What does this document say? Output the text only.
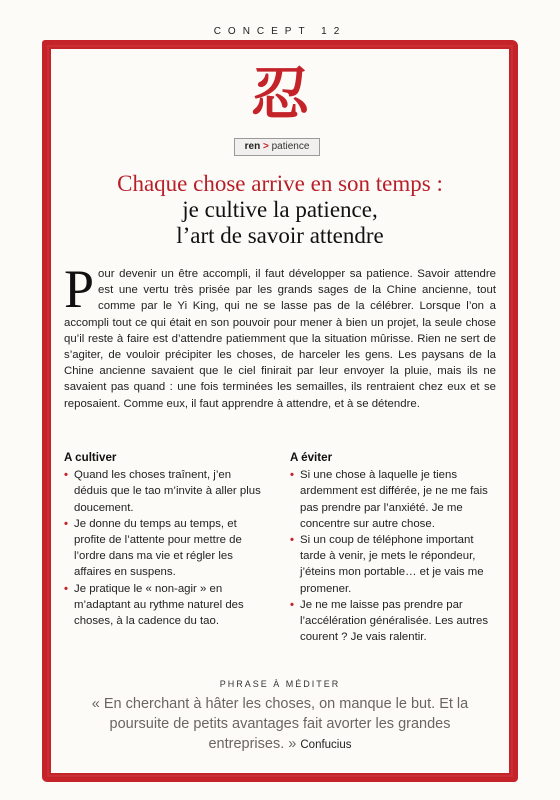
CONCEPT 12
忍
ren > patience
Chaque chose arrive en son temps :
je cultive la patience,
l’art de savoir attendre
P our devenir un être accompli, il faut développer sa patience. Savoir attendre est une vertu très prisée par les grands sages de la Chine ancienne, tout comme par le Yi King, qui ne se lasse pas de la célébrer. Lorsque l’on a accompli tout ce qui était en son pouvoir pour mener à bien un projet, la seule chose qu’il reste à faire est d’attendre patiemment que la situation mûrisse. Rien ne sert de s’agiter, de vouloir précipiter les choses, de harceler les gens. Les paysans de la Chine ancienne savaient que le ciel finirait par leur envoyer la pluie, mais ils ne savaient pas quand : une fois terminées les semailles, ils rentraient chez eux et se reposaient. Comme eux, il faut apprendre à attendre, et à se détendre.
A cultiver
• Quand les choses traînent, j’en déduis que le tao m’invite à aller plus doucement.
• Je donne du temps au temps, et profite de l’attente pour mettre de l’ordre dans ma vie et régler les affaires en suspens.
• Je pratique le « non-agir » en m’adaptant au rythme naturel des choses, à la cadence du tao.
A éviter
• Si une chose à laquelle je tiens ardemment est différée, je ne me fais pas prendre par l’anxiété. Je me concentre sur autre chose.
• Si un coup de téléphone important tarde à venir, je mets le répondeur, j’éteins mon portable… et je vais me promener.
• Je ne me laisse pas prendre par l’accélération généralisée. Les autres courent ? Je vais ralentir.
PHRASE À MÉDITER
« En cherchant à hâter les choses, on manque le but. Et la poursuite de petits avantages fait avorter les grandes entreprises. » Confucius
